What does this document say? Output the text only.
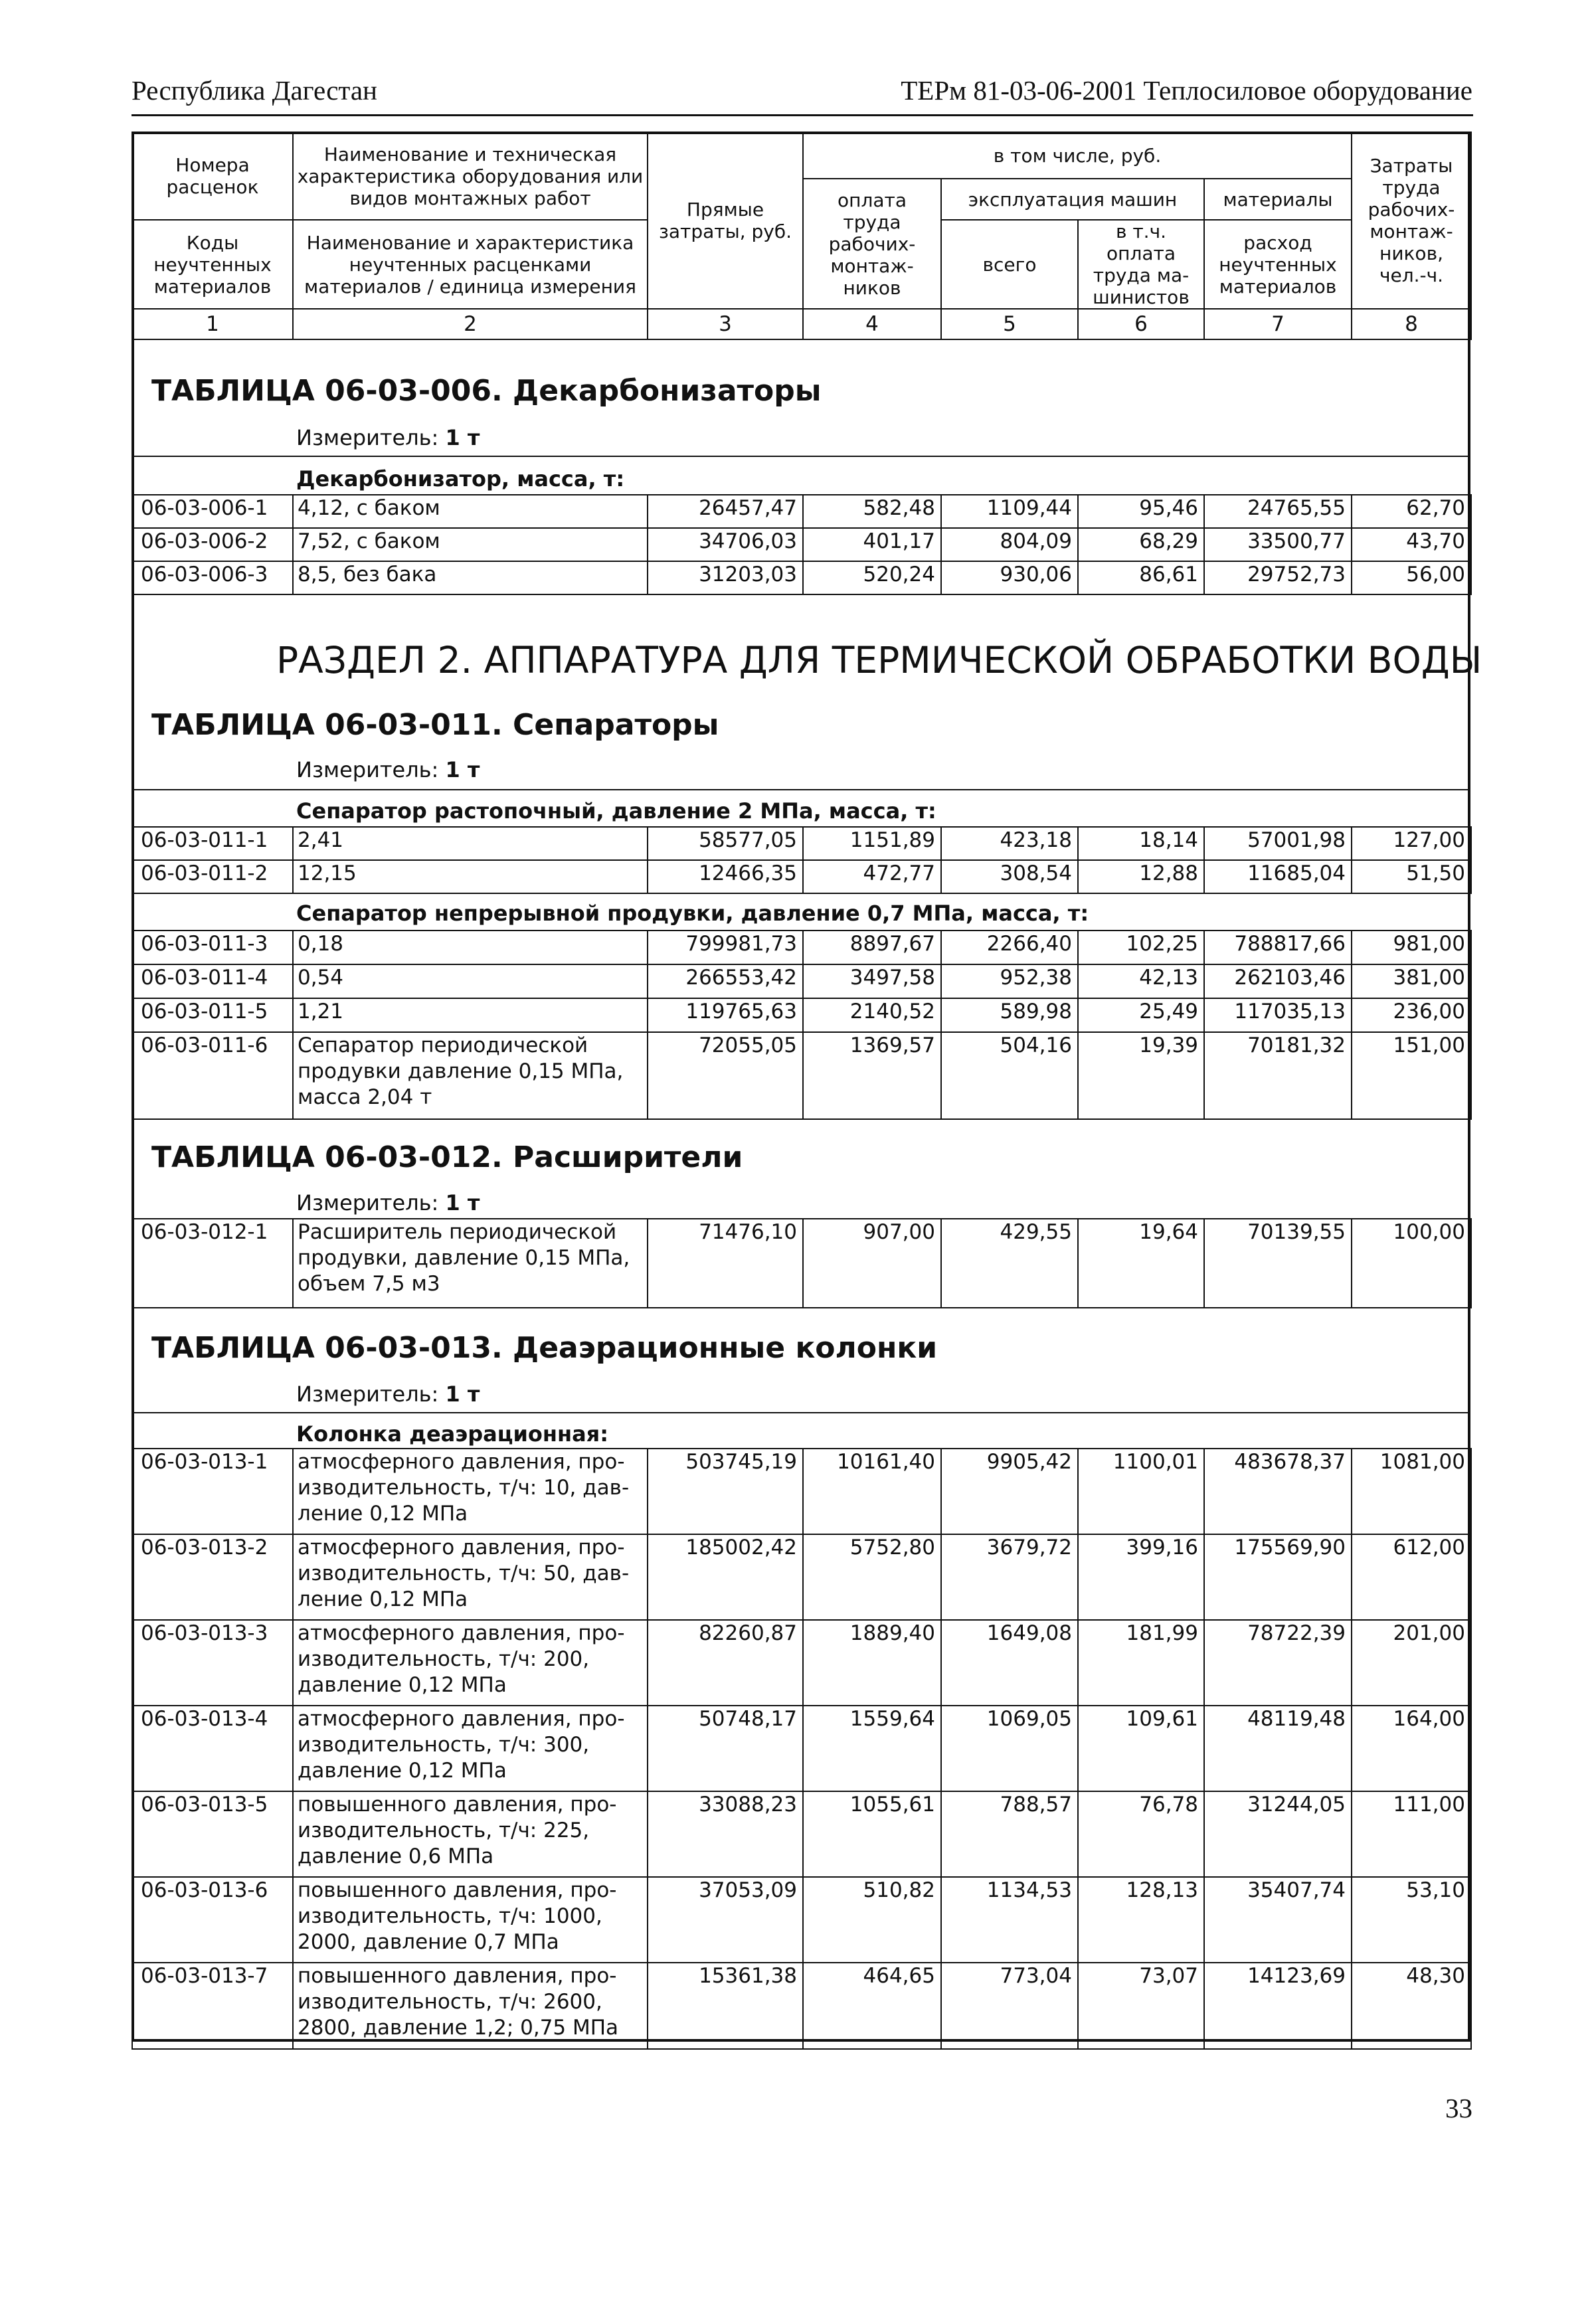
Республика Дагестан	ТЕРм 81-03-06-2001 Теплосиловое оборудование
Номера расценок	Наименование и техническая характеристика оборудования или видов монтажных работ	Прямые затраты, руб.	в том числе, руб.				Затраты труда рабочих-монтаж-ников, чел.-ч.
			оплата труда рабочих-монтаж-ников	эксплуатация машин		материалы	
Коды неучтенных материалов	Наименование и характеристика неучтенных расценками материалов / единица измерения			всего	в т.ч. оплата труда ма-шинистов	расход неучтенных материалов	

1	2	3	4	5	6	7	8
ТАБЛИЦА 06-03-006. Декарбонизаторы
Измеритель: 1 т
Декарбонизатор, масса, т:
06-03-006-1	4,12, с баком	26457,47	582,48	1109,44	95,46	24765,55	62,70
06-03-006-2	7,52, с баком	34706,03	401,17	804,09	68,29	33500,77	43,70
06-03-006-3	8,5, без бака	31203,03	520,24	930,06	86,61	29752,73	56,00
РАЗДЕЛ 2. АППАРАТУРА ДЛЯ ТЕРМИЧЕСКОЙ ОБРАБОТКИ ВОДЫ
ТАБЛИЦА 06-03-011. Сепараторы
Измеритель: 1 т
Сепаратор растопочный, давление 2 МПа, масса, т:
06-03-011-1	2,41	58577,05	1151,89	423,18	18,14	57001,98	127,00
06-03-011-2	12,15	12466,35	472,77	308,54	12,88	11685,04	51,50
Сепаратор непрерывной продувки, давление 0,7 МПа, масса, т:
06-03-011-3	0,18	799981,73	8897,67	2266,40	102,25	788817,66	981,00
06-03-011-4	0,54	266553,42	3497,58	952,38	42,13	262103,46	381,00
06-03-011-5	1,21	119765,63	2140,52	589,98	25,49	117035,13	236,00
06-03-011-6	Сепаратор периодической продувки давление 0,15 МПа, масса 2,04 т	72055,05	1369,57	504,16	19,39	70181,32	151,00
ТАБЛИЦА 06-03-012. Расширители
Измеритель: 1 т
06-03-012-1	Расширитель периодической продувки, давление 0,15 МПа, объем 7,5 м3	71476,10	907,00	429,55	19,64	70139,55	100,00
ТАБЛИЦА 06-03-013. Деаэрационные колонки
Измеритель: 1 т
Колонка деаэрационная:
06-03-013-1	атмосферного давления, про-изводительность, т/ч: 10, дав-ление 0,12 МПа	503745,19	10161,40	9905,42	1100,01	483678,37	1081,00
06-03-013-2	атмосферного давления, про-изводительность, т/ч: 50, дав-ление 0,12 МПа	185002,42	5752,80	3679,72	399,16	175569,90	612,00
06-03-013-3	атмосферного давления, про-изводительность, т/ч: 200, давление 0,12 МПа	82260,87	1889,40	1649,08	181,99	78722,39	201,00
06-03-013-4	атмосферного давления, про-изводительность, т/ч: 300, давление 0,12 МПа	50748,17	1559,64	1069,05	109,61	48119,48	164,00
06-03-013-5	повышенного давления, про-изводительность, т/ч: 225, давление 0,6 МПа	33088,23	1055,61	788,57	76,78	31244,05	111,00
06-03-013-6	повышенного давления, про-изводительность, т/ч: 1000, 2000, давление 0,7 МПа	37053,09	510,82	1134,53	128,13	35407,74	53,10
06-03-013-7	повышенного давления, про-изводительность, т/ч: 2600, 2800, давление 1,2; 0,75 МПа	15361,38	464,65	773,04	73,07	14123,69	48,30
33
